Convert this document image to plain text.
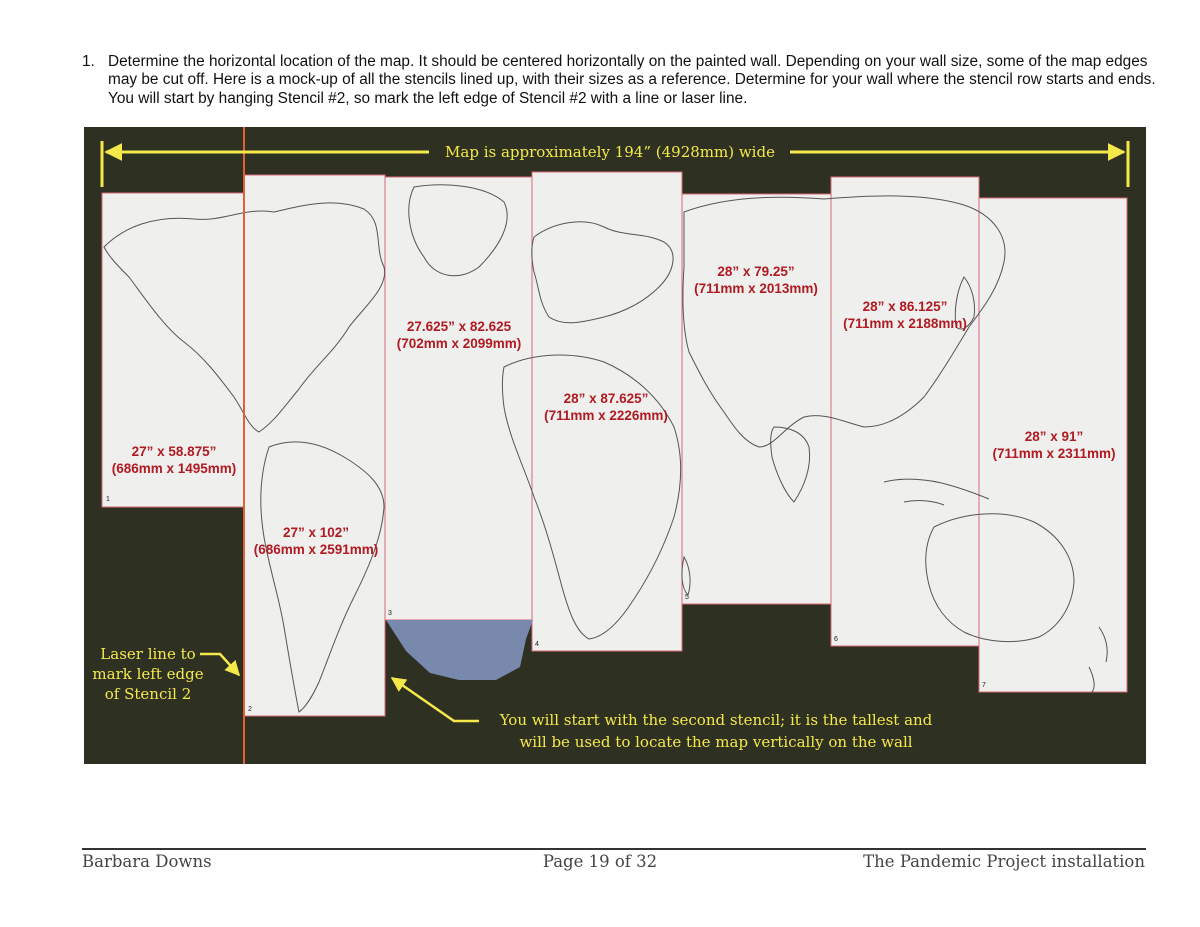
1. Determine the horizontal location of the map. It should be centered horizontally on the painted wall. Depending on your wall size, some of the map edges may be cut off. Here is a mock-up of all the stencils lined up, with their sizes as a reference. Determine for your wall where the stencil row starts and ends. You will start by hanging Stencil #2, so mark the left edge of Stencil #2 with a line or laser line.
1
2
3
4
5
6
7
27” x 58.875”
(686mm x 1495mm)
27” x 102”
(686mm x 2591mm)
27.625” x 82.625
(702mm x 2099mm)
28” x 87.625”
(711mm x 2226mm)
28” x 79.25”
(711mm x 2013mm)
28” x 86.125”
(711mm x 2188mm)
28” x 91”
(711mm x 2311mm)
Map is approximately 194” (4928mm) wide
Laser line to
mark left edge
of Stencil 2
You will start with the second stencil; it is the tallest and
will be used to locate the map vertically on the wall
Barbara Downs	Page 19 of 32	The Pandemic Project installation
